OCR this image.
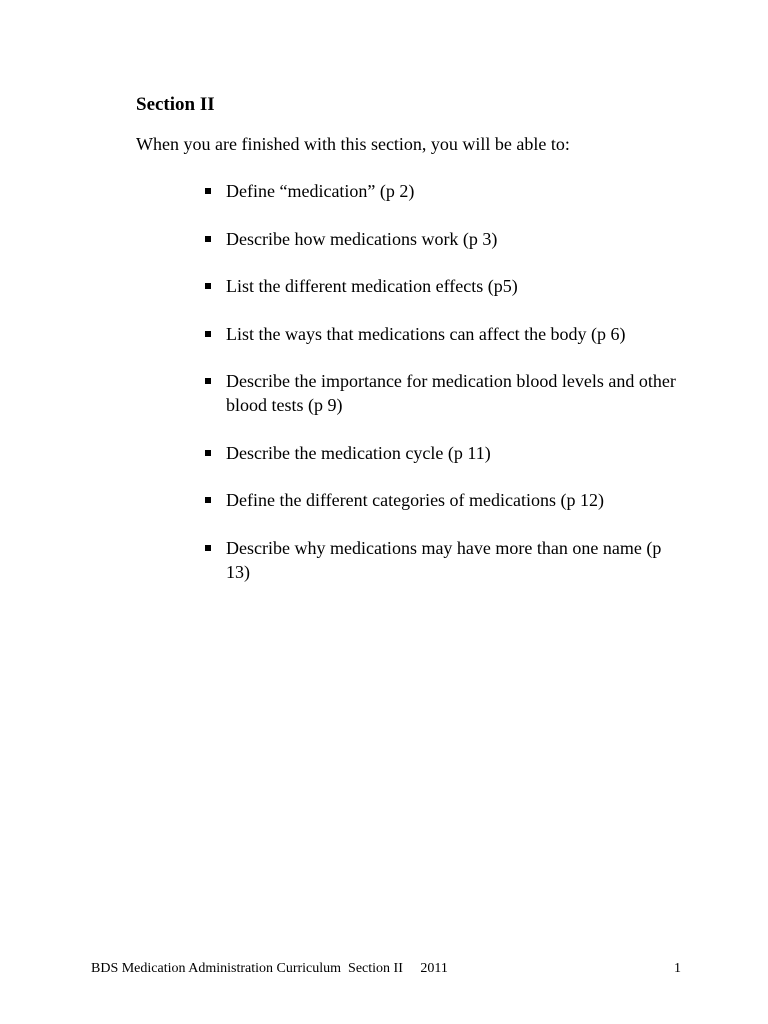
Section II

When you are finished with this section, you will be able to:

Define “medication” (p 2)
Describe how medications work (p 3)
List the different medication effects (p5)
List the ways that medications can affect the body (p 6)
Describe the importance for medication blood levels and other blood tests (p 9)
Describe the medication cycle (p 11)
Define the different categories of medications (p 12)
Describe why medications may have more than one name (p 13)
BDS Medication Administration Curriculum  Section II     2011	1
